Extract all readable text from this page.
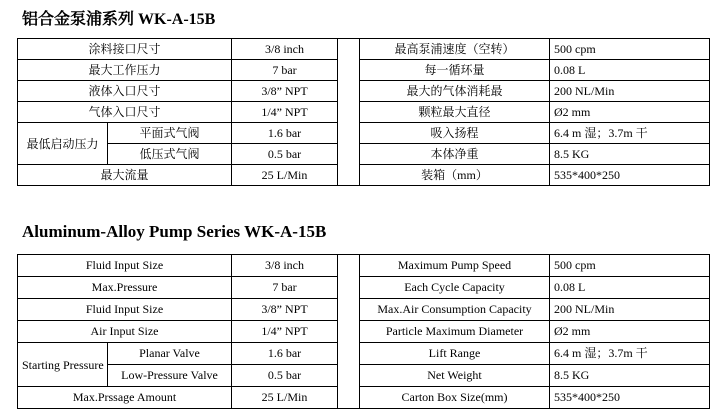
铝合金泵浦系列 WK-A-15B
涂料接口尺寸		3/8 inch		最高泵浦速度（空转）	500 cpm
最大工作压力		7 bar		每一循环量	0.08 L
液体入口尺寸		3/8” NPT		最大的气体消耗最	200 NL/Min
气体入口尺寸		1/4” NPT		颗粒最大直径	Ø2 mm
最低启动压力	平面式气阀	1.6 bar		吸入扬程	6.4 m 湿；3.7m 干
	低压式气阀	0.5 bar		本体净重	8.5 KG
最大流量		25 L/Min		装箱（mm）	535*400*250
Aluminum-Alloy Pump Series WK-A-15B
Fluid Input Size		3/8 inch		Maximum Pump Speed	500 cpm
Max.Pressure		7 bar		Each Cycle Capacity	0.08 L
Fluid Input Size		3/8” NPT		Max.Air Consumption Capacity	200 NL/Min
Air Input Size		1/4” NPT		Particle Maximum Diameter	Ø2 mm
Starting Pressure	Planar Valve	1.6 bar		Lift Range	6.4 m 湿；3.7m 干
	Low-Pressure Valve	0.5 bar		Net Weight	8.5 KG
Max.Prssage Amount		25 L/Min		Carton Box Size(mm)	535*400*250
